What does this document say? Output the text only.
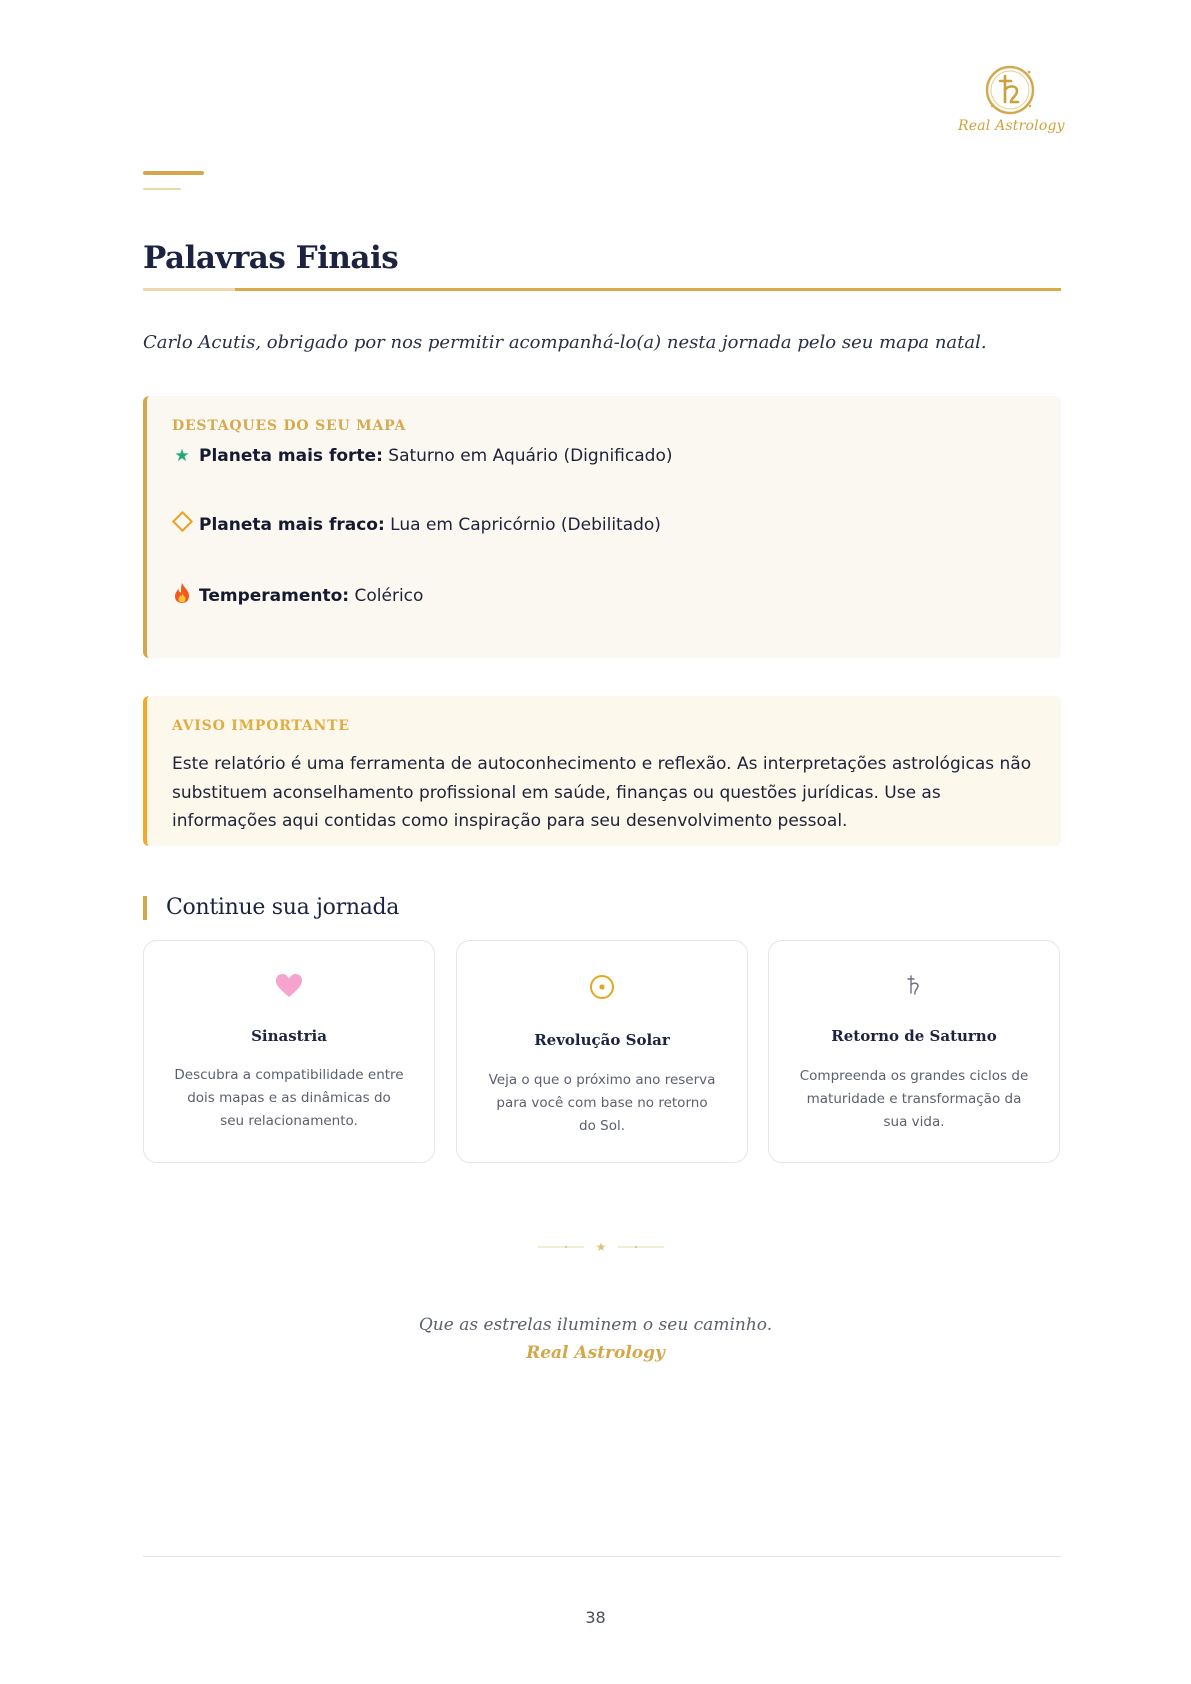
Real Astrology
Palavras Finais
Carlo Acutis, obrigado por nos permitir acompanhá-lo(a) nesta jornada pelo seu mapa natal.
DESTAQUES DO SEU MAPA
★ Planeta mais forte: Saturno em Aquário (Dignificado)
Planeta mais fraco: Lua em Capricórnio (Debilitado)
Temperamento: Colérico
AVISO IMPORTANTE
Este relatório é uma ferramenta de autoconhecimento e reflexão. As interpretações astrológicas não substituem aconselhamento profissional em saúde, finanças ou questões jurídicas. Use as informações aqui contidas como inspiração para seu desenvolvimento pessoal.
Continue sua jornada
Sinastria
Descubra a compatibilidade entre dois mapas e as dinâmicas do seu relacionamento.
Revolução Solar
Veja o que o próximo ano reserva para você com base no retorno do Sol.
Retorno de Saturno
Compreenda os grandes ciclos de maturidade e transformação da sua vida.
★
Que as estrelas iluminem o seu caminho.
Real Astrology
38
